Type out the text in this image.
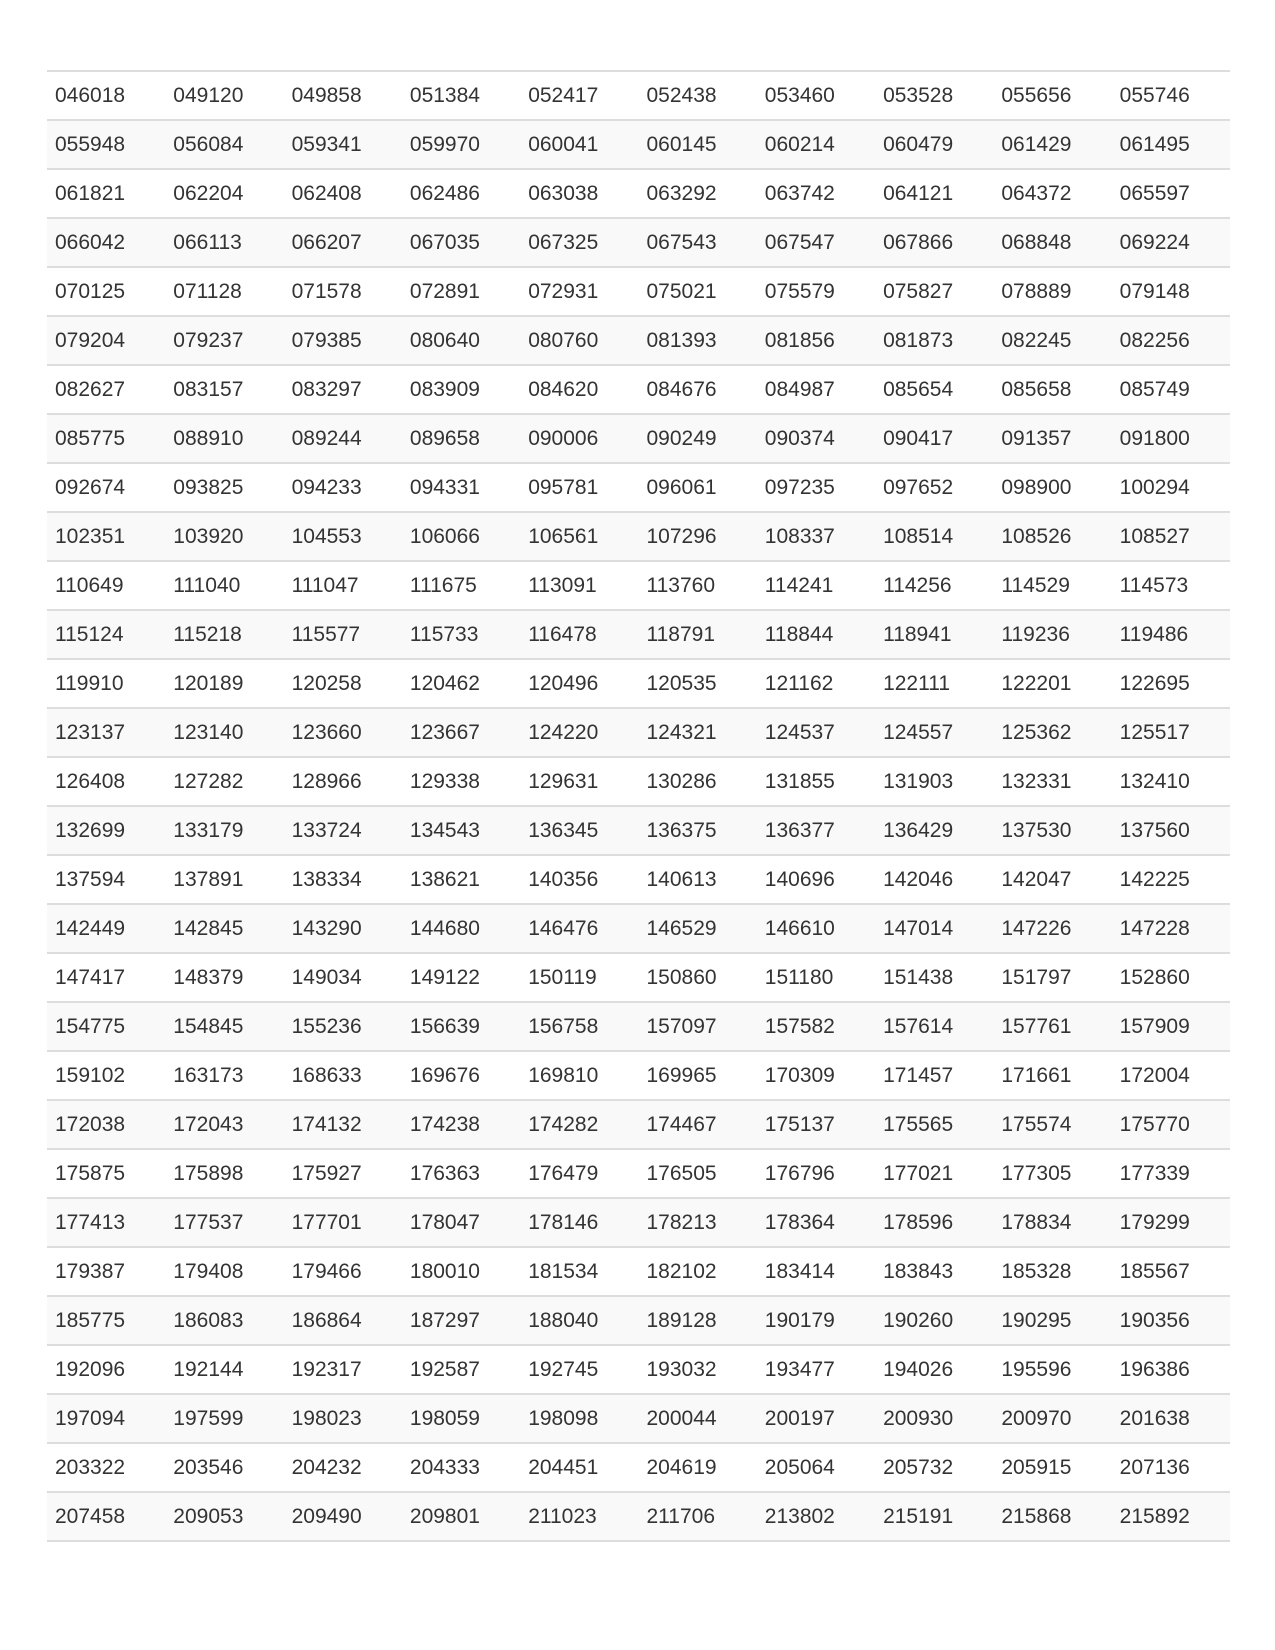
046018	049120	049858	051384	052417	052438	053460	053528	055656	055746
055948	056084	059341	059970	060041	060145	060214	060479	061429	061495
061821	062204	062408	062486	063038	063292	063742	064121	064372	065597
066042	066113	066207	067035	067325	067543	067547	067866	068848	069224
070125	071128	071578	072891	072931	075021	075579	075827	078889	079148
079204	079237	079385	080640	080760	081393	081856	081873	082245	082256
082627	083157	083297	083909	084620	084676	084987	085654	085658	085749
085775	088910	089244	089658	090006	090249	090374	090417	091357	091800
092674	093825	094233	094331	095781	096061	097235	097652	098900	100294
102351	103920	104553	106066	106561	107296	108337	108514	108526	108527
110649	111040	111047	111675	113091	113760	114241	114256	114529	114573
115124	115218	115577	115733	116478	118791	118844	118941	119236	119486
119910	120189	120258	120462	120496	120535	121162	122111	122201	122695
123137	123140	123660	123667	124220	124321	124537	124557	125362	125517
126408	127282	128966	129338	129631	130286	131855	131903	132331	132410
132699	133179	133724	134543	136345	136375	136377	136429	137530	137560
137594	137891	138334	138621	140356	140613	140696	142046	142047	142225
142449	142845	143290	144680	146476	146529	146610	147014	147226	147228
147417	148379	149034	149122	150119	150860	151180	151438	151797	152860
154775	154845	155236	156639	156758	157097	157582	157614	157761	157909
159102	163173	168633	169676	169810	169965	170309	171457	171661	172004
172038	172043	174132	174238	174282	174467	175137	175565	175574	175770
175875	175898	175927	176363	176479	176505	176796	177021	177305	177339
177413	177537	177701	178047	178146	178213	178364	178596	178834	179299
179387	179408	179466	180010	181534	182102	183414	183843	185328	185567
185775	186083	186864	187297	188040	189128	190179	190260	190295	190356
192096	192144	192317	192587	192745	193032	193477	194026	195596	196386
197094	197599	198023	198059	198098	200044	200197	200930	200970	201638
203322	203546	204232	204333	204451	204619	205064	205732	205915	207136
207458	209053	209490	209801	211023	211706	213802	215191	215868	215892
